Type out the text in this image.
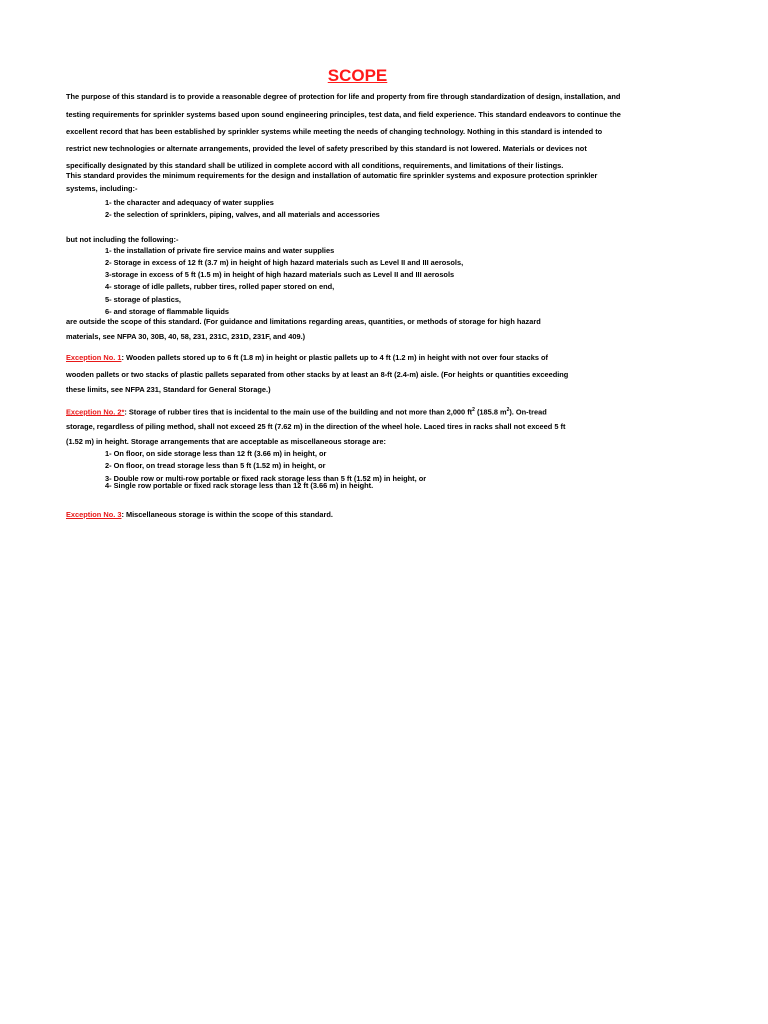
SCOPE
The purpose of this standard is to provide a reasonable degree of protection for life and property from fire through standardization of design, installation, and
testing requirements for sprinkler systems based upon sound engineering principles, test data, and field experience. This standard endeavors to continue the
excellent record that has been established by sprinkler systems while meeting the needs of changing technology. Nothing in this standard is intended to
restrict new technologies or alternate arrangements, provided the level of safety prescribed by this standard is not lowered. Materials or devices not
specifically designated by this standard shall be utilized in complete accord with all conditions, requirements, and limitations of their listings.
This standard provides the minimum requirements for the design and installation of automatic fire sprinkler systems and exposure protection sprinkler
systems, including:-
1- the character and adequacy of water supplies
2- the selection of sprinklers, piping, valves, and all materials and accessories
but not including the following:-
1- the installation of private fire service mains and water supplies
2- Storage in excess of 12 ft (3.7 m) in height of high hazard materials such as Level II and III aerosols,
3-storage in excess of 5 ft (1.5 m) in height of high hazard materials such as Level II and III aerosols
4- storage of idle pallets, rubber tires, rolled paper stored on end,
5- storage of plastics,
6- and storage of flammable liquids
are outside the scope of this standard. (For guidance and limitations regarding areas, quantities, or methods of storage for high hazard
materials, see NFPA 30, 30B, 40, 58, 231, 231C, 231D, 231F, and 409.)
Exception No. 1: Wooden pallets stored up to 6 ft (1.8 m) in height or plastic pallets up to 4 ft (1.2 m) in height with not over four stacks of
wooden pallets or two stacks of plastic pallets separated from other stacks by at least an 8-ft (2.4-m) aisle. (For heights or quantities exceeding
these limits, see NFPA 231, Standard for General Storage.)
Exception No. 2*: Storage of rubber tires that is incidental to the main use of the building and not more than 2,000 $ft^2$ (185.8 $m^2$). On-tread
storage, regardless of piling method, shall not exceed 25 ft (7.62 m) in the direction of the wheel hole. Laced tires in racks shall not exceed 5 ft
(1.52 m) in height. Storage arrangements that are acceptable as miscellaneous storage are:
1- On floor, on side storage less than 12 ft (3.66 m) in height, or
2- On floor, on tread storage less than 5 ft (1.52 m) in height, or
3- Double row or multi-row portable or fixed rack storage less than 5 ft (1.52 m) in height, or
4- Single row portable or fixed rack storage less than 12 ft (3.66 m) in height.
Exception No. 3: Miscellaneous storage is within the scope of this standard.
